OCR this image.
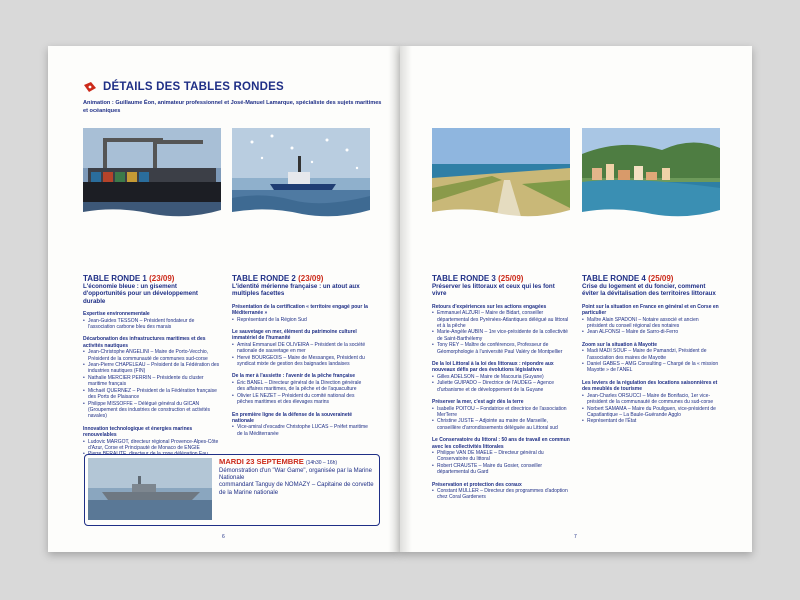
DÉTAILS DES TABLES RONDES
Animation : Guillaume Éon, animateur professionnel et José-Manuel Lamarque, spécialiste des sujets maritimes et océaniques
TABLE RONDE 1 (23/09)
L'économie bleue : un gisement d'opportunités pour un développement durable
Expertise environnementale
• Jean-Guides TESSON – Président fondateur de l'association carbone bleu des marais
Décarbonation des infrastructures maritimes et des activités nautiques
• Jean-Christophe ANGELINI – Maire de Porto-Vecchio, Président de la communauté de communes sud-corse
• Jean-Pierre CHAPELEAU – Président de la Fédération des industries nautiques (FIN)
• Nathalie MERCIER PERRIN – Présidente du cluster maritime français
• Michaël QUERNEZ – Président de la Fédération française des Ports de Plaisance
• Philippe MISSOFFE – Délégué général du GICAN (Groupement des industries de construction et activités navales)
Innovation technologique et énergies marines renouvelables
• Ludovic MARGOT, directeur régional Provence-Alpes-Côte d'Azur, Corse et Principauté de Monaco de ENGIE
•
TABLE RONDE 2 (23/09)
L'identité mérienne française : un atout aux multiples facettes
Présentation de la certification « territoire engagé pour la Méditerranée »
• Représentant de la Région Sud
Le sauvetage en mer, élément du patrimoine culturel immatériel de l'humanité
• Amiral Emmanuel DE OLIVEIRA – Président de la société nationale de sauvetage en mer
• Hervé BOURGEOIS – Maire de Messanges, Président du syndicat mixte de gestion des baignades landaises
De la mer à l'assiette : l'avenir de la pêche française
• Éric BANEL – Directeur général de la Direction générale des affaires maritimes, de la pêche et de l'aquaculture
• Olivier LE NEZET – Président du comité national des pêches maritimes et des élevages marins
En première ligne de la défense de la souveraineté nationale
• Vice-amiral d'escadre Christophe LUCAS – Préfet maritime de la Méditerranée
MARDI 23 SEPTEMBRE (14h30 – 16h)
Démonstration d'un "War Game", organisée par la Marine Nationale
commandant Tanguy de NOMAZY – Capitaine de corvette de la Marine nationale
6
TABLE RONDE 3 (25/09)
Préserver les littoraux et ceux qui les font vivre
Retours d'expériences sur les actions engagées
• Emmanuel ALZURI – Maire de Bidart, conseiller départemental des Pyrénées-Atlantiques délégué au littoral et à la pêche
• Marie-Angèle AUBIN – 1re vice-présidente de la collectivité de Saint-Barthélemy
• Tony REY – Maître de conférences, Professeur de Géomorphologie à l'université Paul Valéry de Montpellier
De la loi Littoral à la loi des littoraux : répondre aux nouveaux défis par des évolutions législatives
• Gilles ADELSON – Maire de Macouria (Guyane)
• Juliette GUIPADO – Directrice de l'AUDEG – Agence d'urbanisme et de développement de la Guyane
Préserver la mer, c'est agir dès la terre
• Isabelle POITOU – Fondatrice et directrice de l'association MerTerre
• Christine JUSTE – Adjointe au maire de Marseille, conseillère d'arrondissements déléguée au Littoral sud
Le Conservatoire du littoral : 50 ans de travail en commun avec les collectivités littorales
• Philippe VAN DE MAELE – Directeur général du Conservatoire du littoral
• Robert CRAUSTE – Maire du Gosier, conseiller départemental du Gard
Préservation et protection des coraux
• Constant MULLER – Directeur des programmes d'adoption chez Coral Gardeners
TABLE RONDE 4 (25/09)
Crise du logement et du foncier, comment éviter la dévitalisation des territoires littoraux
Point sur la situation en France en général et en Corse en particulier
• Maître Alain SPADONI – Notaire associé et ancien président du conseil régional des notaires
• Jean ALFONSI – Maire de Sarro-di-Ferro
Zoom sur la situation à Mayotte
• Madi MADI SOUF – Maire de Pamandzi, Président de l'association des maires de Mayotte
• Daniel GABES – AMG Consulting – Chargé de la « mission Mayotte » de l'ANEL
Les leviers de la régulation des locations saisonnières et des meublés de tourisme
• Jean-Charles ORSUCCI – Maire de Bonifacio, 1er vice-président de la communauté de communes du sud-corse
• Norbert SAMAMA – Maire du Pouliguen, vice-président de Capatlantique – La Baule-Guérande Agglo
• Représentant de l'État
7
